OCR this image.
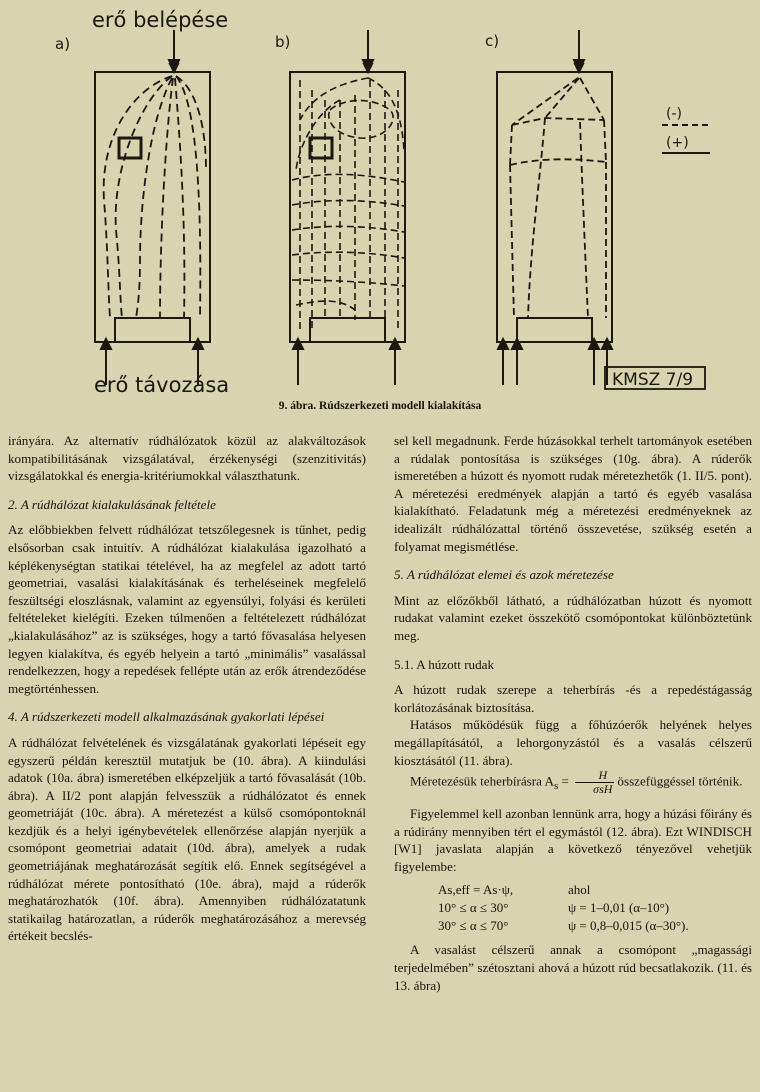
erő belépése
a)	b)	c)
erő távozása
(-)
(+)
KMSZ 7/9
9. ábra. Rúdszerkezeti modell kialakítása

irányára. Az alternatív rúdhálózatok közül az alakváltozások kompatibilitásának vizsgálatával, érzékenységi (szenzitivitás) vizsgálatokkal és energia-kritériumokkal választhatunk.

2. A rúdhálózat kialakulásának feltétele

Az előbbiekben felvett rúdhálózat tetszőlegesnek is tűnhet, pedig elsősorban csak intuitív. A rúdhálózat kialakulása igazolható a képlékenységtan statikai tételével, ha az megfelel az adott tartó geometriai, vasalási kialakításának és terheléseinek megfelelő feszültségi eloszlásnak, valamint az egyensúlyi, folyási és kerületi feltételeket kielégíti. Ezeken túlmenően a feltételezett rúdhálózat „kialakulásához” az is szükséges, hogy a tartó fővasalása helyesen legyen kialakítva, és egyéb helyein a tartó „minimális” vasalással rendelkezzen, hogy a repedések fellépte után az erők átrendeződése megtörténhessen.

4. A rúdszerkezeti modell alkalmazásának gyakorlati lépései

A rúdhálózat felvételének és vizsgálatának gyakorlati lépéseit egy egyszerű példán keresztül mutatjuk be (10. ábra). A kiindulási adatok (10a. ábra) ismeretében elképzeljük a tartó fővasalását (10b. ábra). A II/2 pont alapján felvesszük a rúdhálózatot és ennek geometriáját (10c. ábra). A méretezést a külső csomópontoknál kezdjük és a helyi igénybevételek ellenőrzése alapján nyerjük a csomópont geometriai adatait (10d. ábra), amelyek a rudak geometriájának meghatározását segítik elő. Ennek segítségével a rúdhálózat mérete pontosítható (10e. ábra), majd a rúderők meghatározhatók (10f. ábra). Amennyiben rúdhálózatatunk statikailag határozatlan, a rúderők meghatározásához a merevség értékeit becslés-

sel kell megadnunk. Ferde húzásokkal terhelt tartományok esetében a rúdalak pontosítása is szükséges (10g. ábra). A rúderők ismeretében a húzott és nyomott rudak méretezhetők (1. II/5. pont). A méretezési eredmények alapján a tartó és egyéb vasalása kialakítható. Feladatunk még a méretezési eredményeknek az idealizált rúdhálózattal történő összevetése, szükség esetén a folyamat megismétlése.

5. A rúdhálózat elemei és azok méretezése

Mint az előzőkből látható, a rúdhálózatban húzott és nyomott rudakat valamint ezeket összekötő csomópontokat különböztetünk meg.

5.1. A húzott rudak

A húzott rudak szerepe a teherbírás -és a repedéstágasság korlátozásának biztosítása.

Hatásos működésük függ a főhúzóerők helyének helyes megállapításától, a lehorgonyzástól és a vasalás célszerű kiosztásától (11. ábra).

Méretezésük teherbírásra $A_s = \frac{H}{\text{σsH}}$ összefüggéssel történik.

Figyelemmel kell azonban lennünk arra, hogy a húzási főirány és a rúdirány mennyiben tért el egymástól (12. ábra). Ezt WINDISCH [W1] javaslata alapján a következő tényezővel vehetjük figyelembe:

As,eff = As·ψ,	ahol
10° ≤ α ≤ 30°	ψ = 1–0,01 (α–10°)
30° ≤ α ≤ 70°	ψ = 0,8–0,015 (α–30°).

A vasalást célszerű annak a csomópont „magassági terjedelmében” szétosztani ahová a húzott rúd becsatlakozik. (11. és 13. ábra)
